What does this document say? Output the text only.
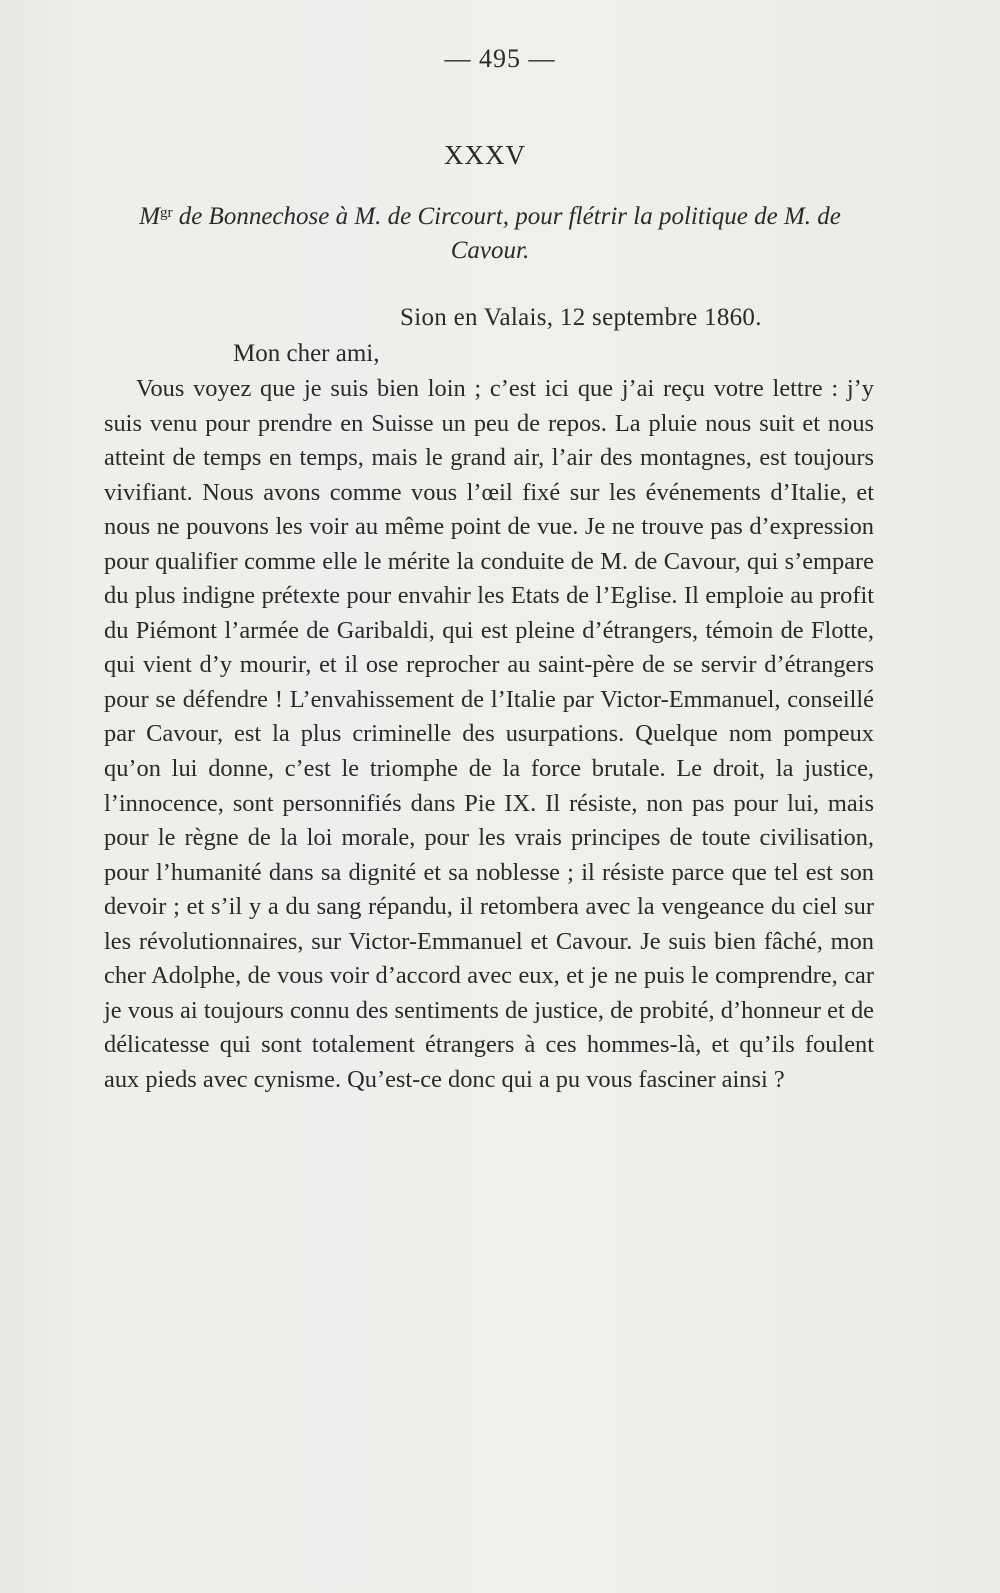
— 495 —
XXXV
$M^{gr}$ de Bonnechose à M. de Circourt, pour flétrir la politique de M. de Cavour.
Sion en Valais, 12 septembre 1860.
Mon cher ami,
Vous voyez que je suis bien loin ; c’est ici que j’ai reçu votre lettre : j’y suis venu pour prendre en Suisse un peu de repos. La pluie nous suit et nous atteint de temps en temps, mais le grand air, l’air des montagnes, est toujours vivifiant. Nous avons comme vous l’œil fixé sur les événements d’Italie, et nous ne pouvons les voir au même point de vue. Je ne trouve pas d’expression pour qualifier comme elle le mérite la conduite de M. de Cavour, qui s’empare du plus indigne prétexte pour envahir les Etats de l’Eglise. Il emploie au profit du Piémont l’armée de Garibaldi, qui est pleine d’étrangers, témoin de Flotte, qui vient d’y mourir, et il ose reprocher au saint-père de se servir d’étrangers pour se défendre ! L’envahissement de l’Italie par Victor-Emmanuel, conseillé par Cavour, est la plus criminelle des usurpations. Quelque nom pompeux qu’on lui donne, c’est le triomphe de la force brutale. Le droit, la justice, l’innocence, sont personnifiés dans Pie IX. Il résiste, non pas pour lui, mais pour le règne de la loi morale, pour les vrais principes de toute civilisation, pour l’humanité dans sa dignité et sa noblesse ; il résiste parce que tel est son devoir ; et s’il y a du sang répandu, il retombera avec la vengeance du ciel sur les révolutionnaires, sur Victor-Emmanuel et Cavour. Je suis bien fâché, mon cher Adolphe, de vous voir d’accord avec eux, et je ne puis le comprendre, car je vous ai toujours connu des sentiments de justice, de probité, d’honneur et de délicatesse qui sont totalement étrangers à ces hommes-là, et qu’ils foulent aux pieds avec cynisme. Qu’est-ce donc qui a pu vous fasciner ainsi ?
